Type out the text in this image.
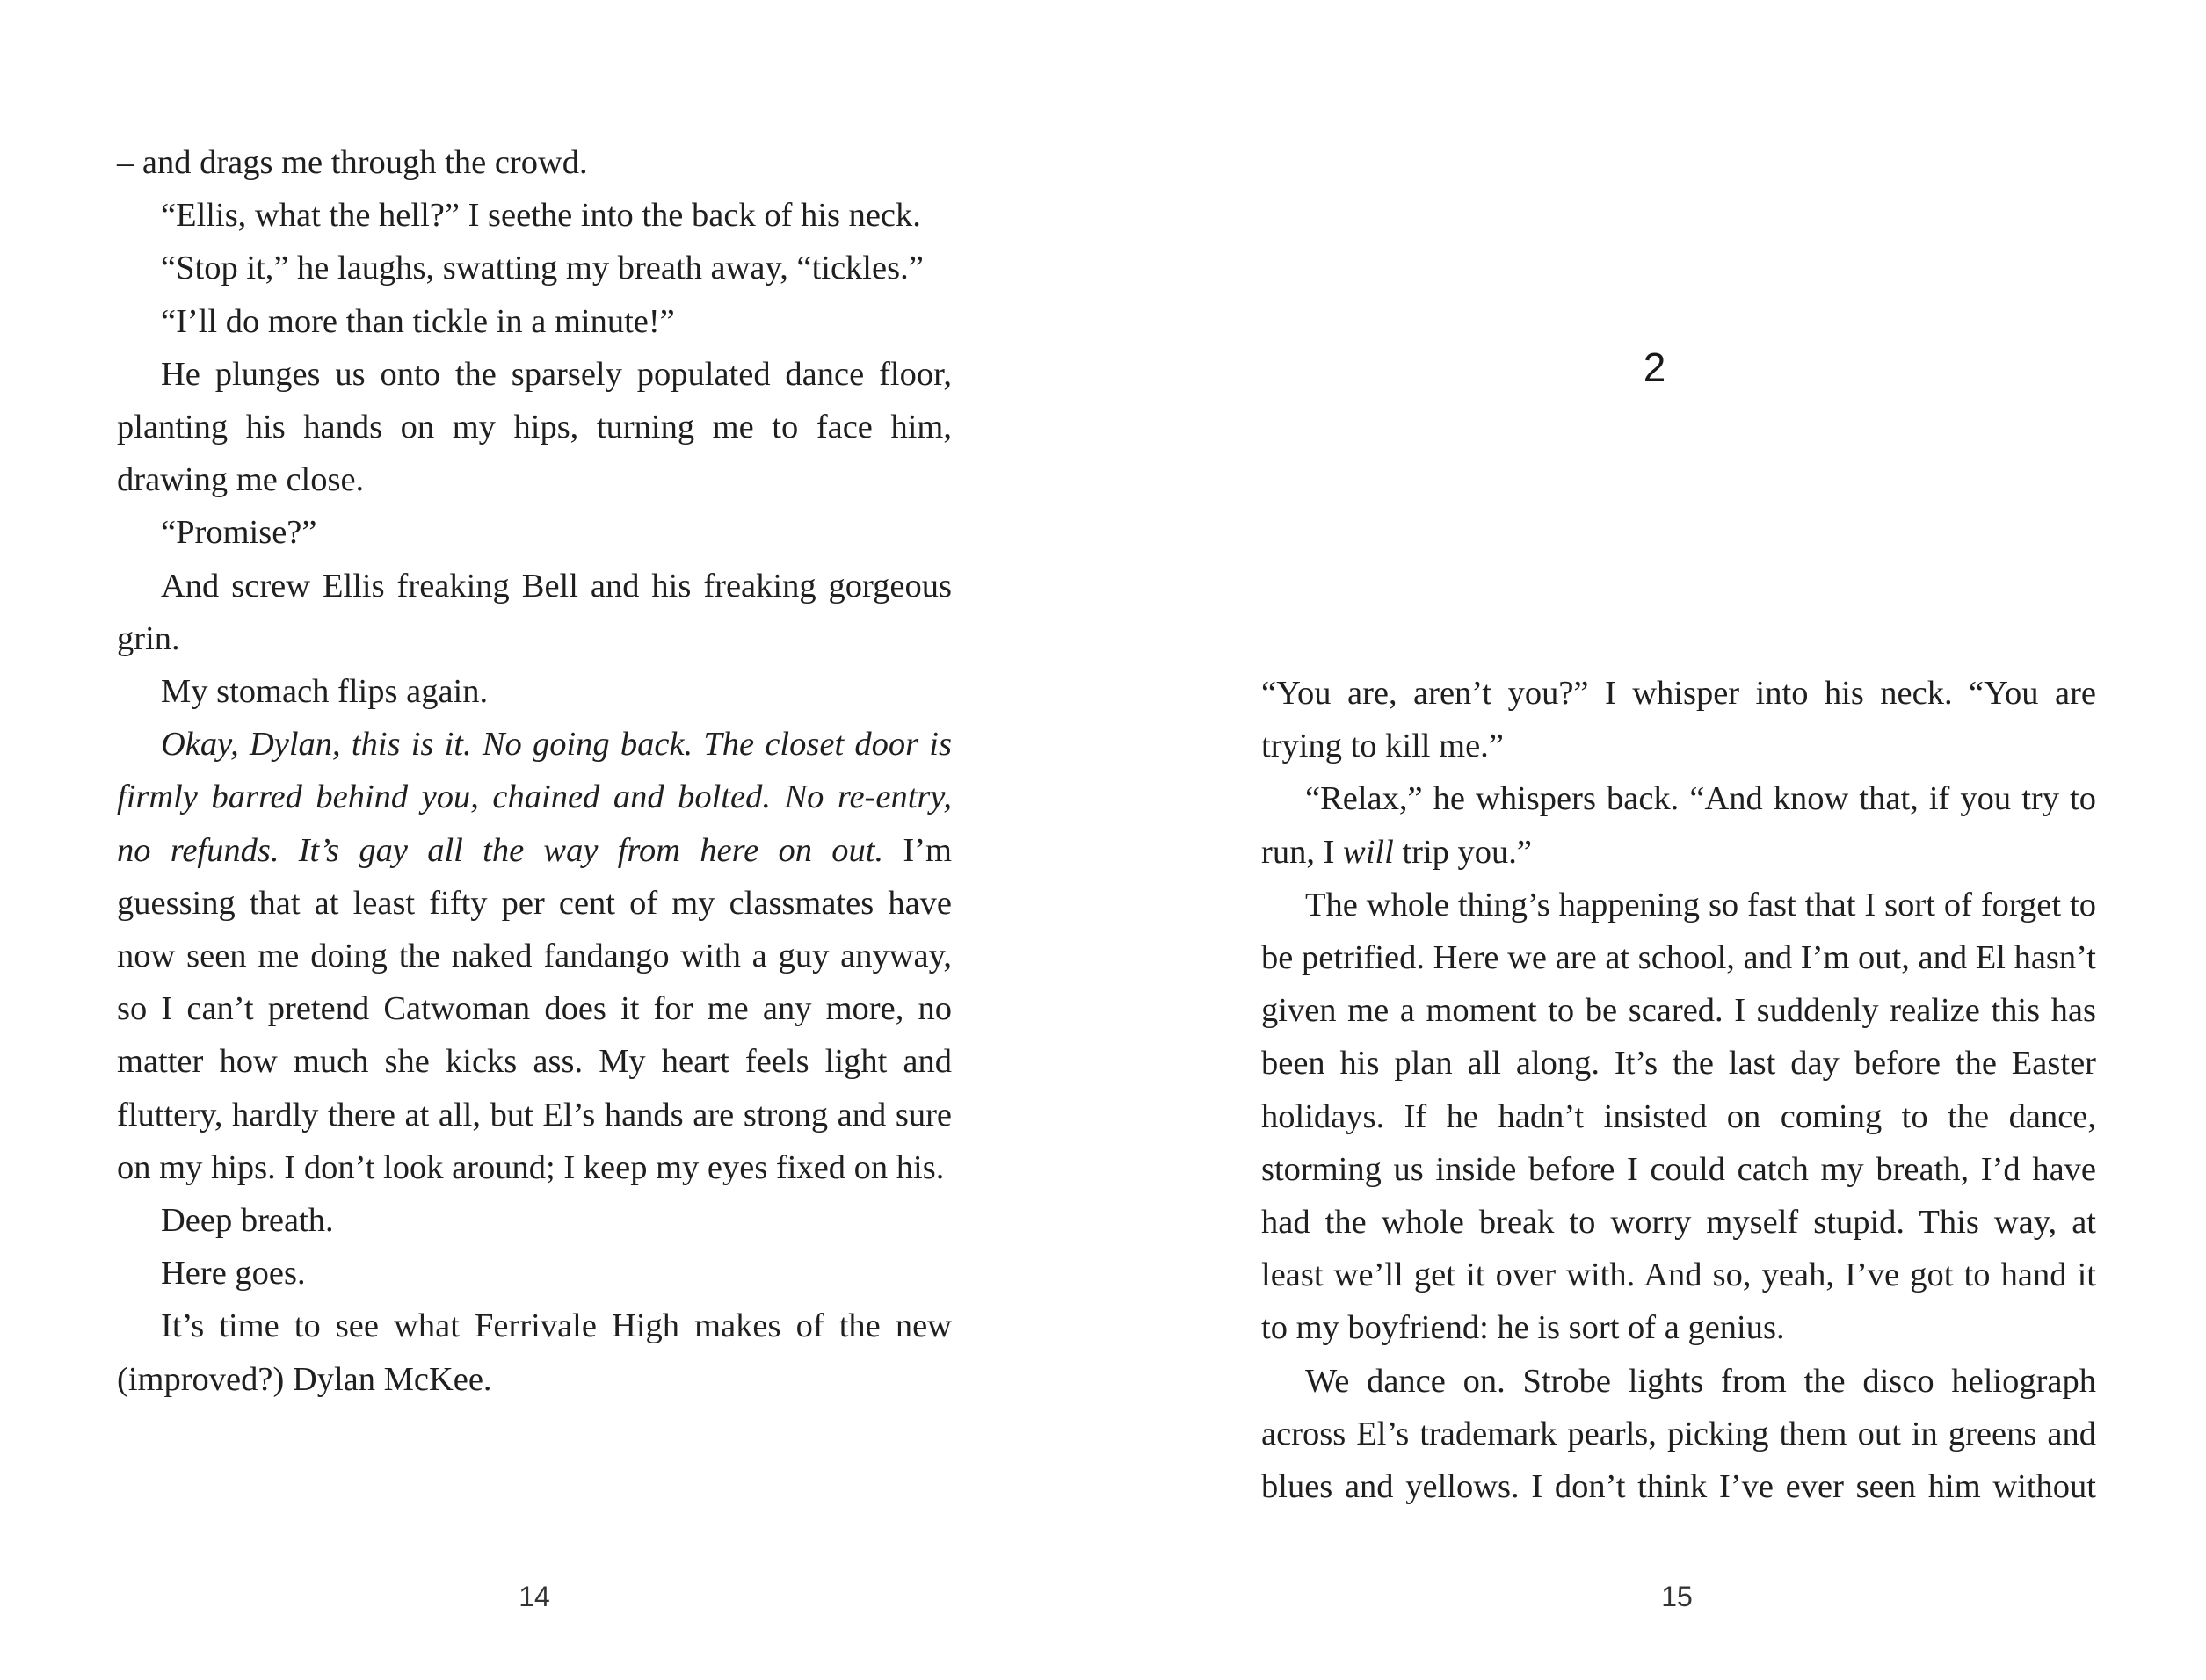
– and drags me through the crowd.

“Ellis, what the hell?” I seethe into the back of his neck.

“Stop it,” he laughs, swatting my breath away, “tickles.”

“I’ll do more than tickle in a minute!”

He plunges us onto the sparsely populated dance floor, planting his hands on my hips, turning me to face him, drawing me close.

“Promise?”

And screw Ellis freaking Bell and his freaking gorgeous grin.

My stomach flips again.

Okay, Dylan, this is it. No going back. The closet door is firmly barred behind you, chained and bolted. No re-entry, no refunds. It’s gay all the way from here on out. I’m guessing that at least fifty per cent of my classmates have now seen me doing the naked fandango with a guy anyway, so I can’t pretend Catwoman does it for me any more, no matter how much she kicks ass. My heart feels light and fluttery, hardly there at all, but El’s hands are strong and sure on my hips. I don’t look around; I keep my eyes fixed on his.

Deep breath.

Here goes.

It’s time to see what Ferrivale High makes of the new (improved?) Dylan McKee.

14
2

“You are, aren’t you?” I whisper into his neck. “You are trying to kill me.”

“Relax,” he whispers back. “And know that, if you try to run, I will trip you.”

The whole thing’s happening so fast that I sort of forget to be petrified. Here we are at school, and I’m out, and El hasn’t given me a moment to be scared. I suddenly realize this has been his plan all along. It’s the last day before the Easter holidays. If he hadn’t insisted on coming to the dance, storming us inside before I could catch my breath, I’d have had the whole break to worry myself stupid. This way, at least we’ll get it over with. And so, yeah, I’ve got to hand it to my boyfriend: he is sort of a genius.

We dance on. Strobe lights from the disco heliograph across El’s trademark pearls, picking them out in greens and blues and yellows. I don’t think I’ve ever seen him without

15
